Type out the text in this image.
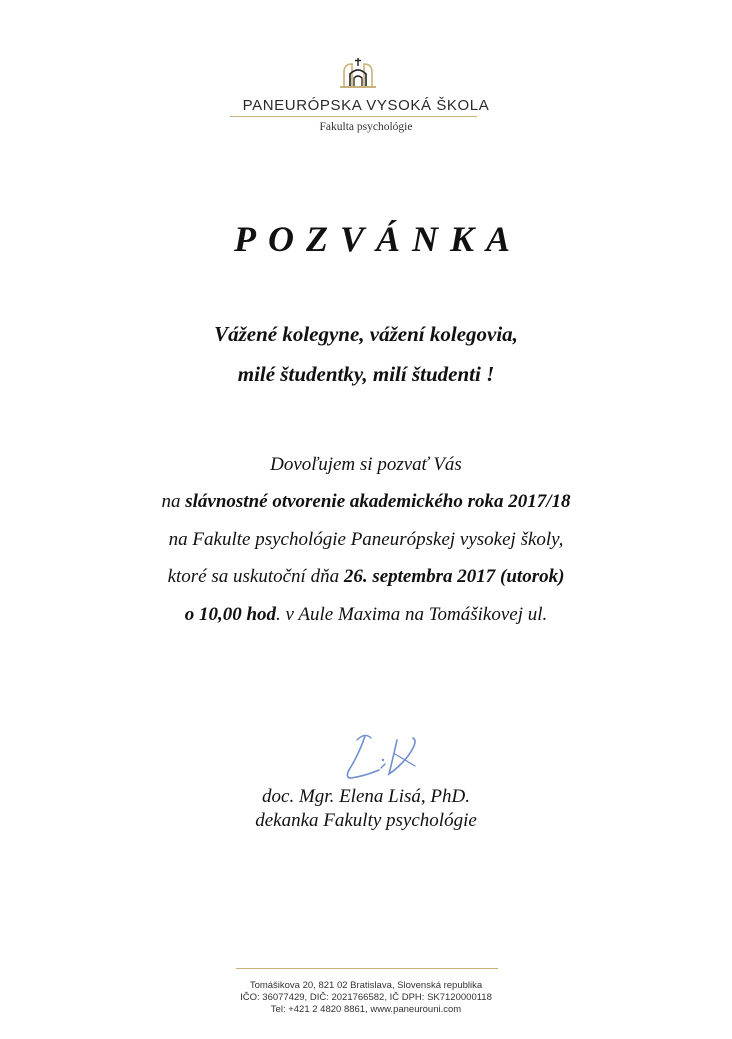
PANEURÓPSKA VYSOKÁ ŠKOLA
Fakulta psychológie
POZVÁNKA
Vážené kolegyne, vážení kolegovia,
milé študentky, milí študenti !
Dovoľujem si pozvať Vás
na slávnostné otvorenie akademického roka 2017/18
na Fakulte psychológie Paneurópskej vysokej školy,
ktoré sa uskutoční dňa 26. septembra 2017 (utorok)
o 10,00 hod. v Aule Maxima na Tomášikovej ul.
doc. Mgr. Elena Lisá, PhD.
dekanka Fakulty psychológie
Tomášikova 20, 821 02 Bratislava, Slovenská republika
IČO: 36077429, DIČ: 2021766582, IČ DPH: SK7120000118
Tel: +421 2 4820 8861, www.paneurouni.com
